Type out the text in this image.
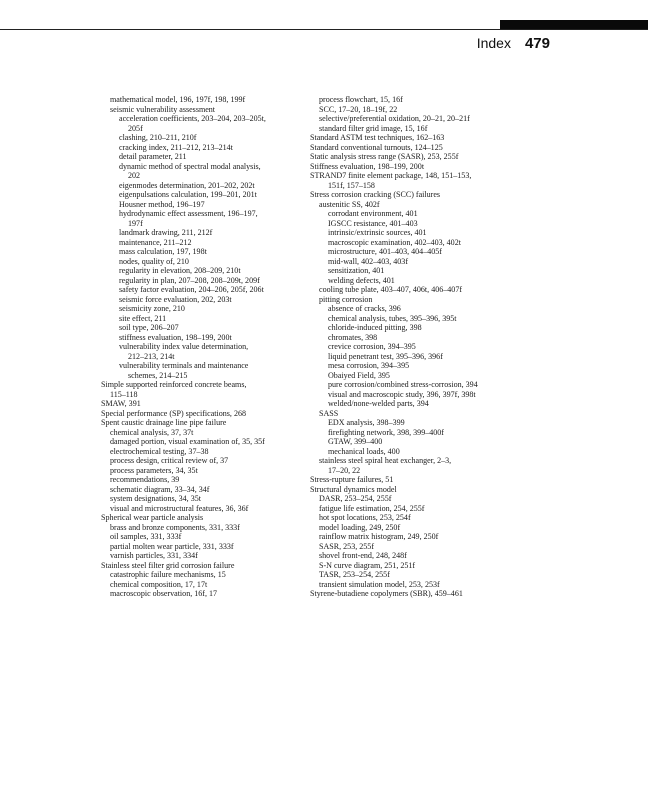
Index 479
mathematical model, 196, 197f, 198, 199f
seismic vulnerability assessment
acceleration coefficients, 203–204, 203–205t,
205f
clashing, 210–211, 210f
cracking index, 211–212, 213–214t
detail parameter, 211
dynamic method of spectral modal analysis,
202
eigenmodes determination, 201–202, 202t
eigenpulsations calculation, 199–201, 201t
Housner method, 196–197
hydrodynamic effect assessment, 196–197,
197f
landmark drawing, 211, 212f
maintenance, 211–212
mass calculation, 197, 198t
nodes, quality of, 210
regularity in elevation, 208–209, 210t
regularity in plan, 207–208, 208–209t, 209f
safety factor evaluation, 204–206, 205f, 206t
seismic force evaluation, 202, 203t
seismicity zone, 210
site effect, 211
soil type, 206–207
stiffness evaluation, 198–199, 200t
vulnerability index value determination,
212–213, 214t
vulnerability terminals and maintenance
schemes, 214–215
Simple supported reinforced concrete beams,
115–118
SMAW, 391
Special performance (SP) specifications, 268
Spent caustic drainage line pipe failure
chemical analysis, 37, 37t
damaged portion, visual examination of, 35, 35f
electrochemical testing, 37–38
process design, critical review of, 37
process parameters, 34, 35t
recommendations, 39
schematic diagram, 33–34, 34f
system designations, 34, 35t
visual and microstructural features, 36, 36f
Spherical wear particle analysis
brass and bronze components, 331, 333f
oil samples, 331, 333f
partial molten wear particle, 331, 333f
varnish particles, 331, 334f
Stainless steel filter grid corrosion failure
catastrophic failure mechanisms, 15
chemical composition, 17, 17t
macroscopic observation, 16f, 17
process flowchart, 15, 16f
SCC, 17–20, 18–19f, 22
selective/preferential oxidation, 20–21, 20–21f
standard filter grid image, 15, 16f
Standard ASTM test techniques, 162–163
Standard conventional turnouts, 124–125
Static analysis stress range (SASR), 253, 255f
Stiffness evaluation, 198–199, 200t
STRAND7 finite element package, 148, 151–153,
151f, 157–158
Stress corrosion cracking (SCC) failures
austenitic SS, 402f
corrodant environment, 401
IGSCC resistance, 401–403
intrinsic/extrinsic sources, 401
macroscopic examination, 402–403, 402t
microstructure, 401–403, 404–405f
mid-wall, 402–403, 403f
sensitization, 401
welding defects, 401
cooling tube plate, 403–407, 406t, 406–407f
pitting corrosion
absence of cracks, 396
chemical analysis, tubes, 395–396, 395t
chloride-induced pitting, 398
chromates, 398
crevice corrosion, 394–395
liquid penetrant test, 395–396, 396f
mesa corrosion, 394–395
Obaiyed Field, 395
pure corrosion/combined stress-corrosion, 394
visual and macroscopic study, 396, 397f, 398t
welded/none-welded parts, 394
SASS
EDX analysis, 398–399
firefighting network, 398, 399–400f
GTAW, 399–400
mechanical loads, 400
stainless steel spiral heat exchanger, 2–3,
17–20, 22
Stress-rupture failures, 51
Structural dynamics model
DASR, 253–254, 255f
fatigue life estimation, 254, 255f
hot spot locations, 253, 254f
model loading, 249, 250f
rainflow matrix histogram, 249, 250f
SASR, 253, 255f
shovel front-end, 248, 248f
S-N curve diagram, 251, 251f
TASR, 253–254, 255f
transient simulation model, 253, 253f
Styrene-butadiene copolymers (SBR), 459–461
